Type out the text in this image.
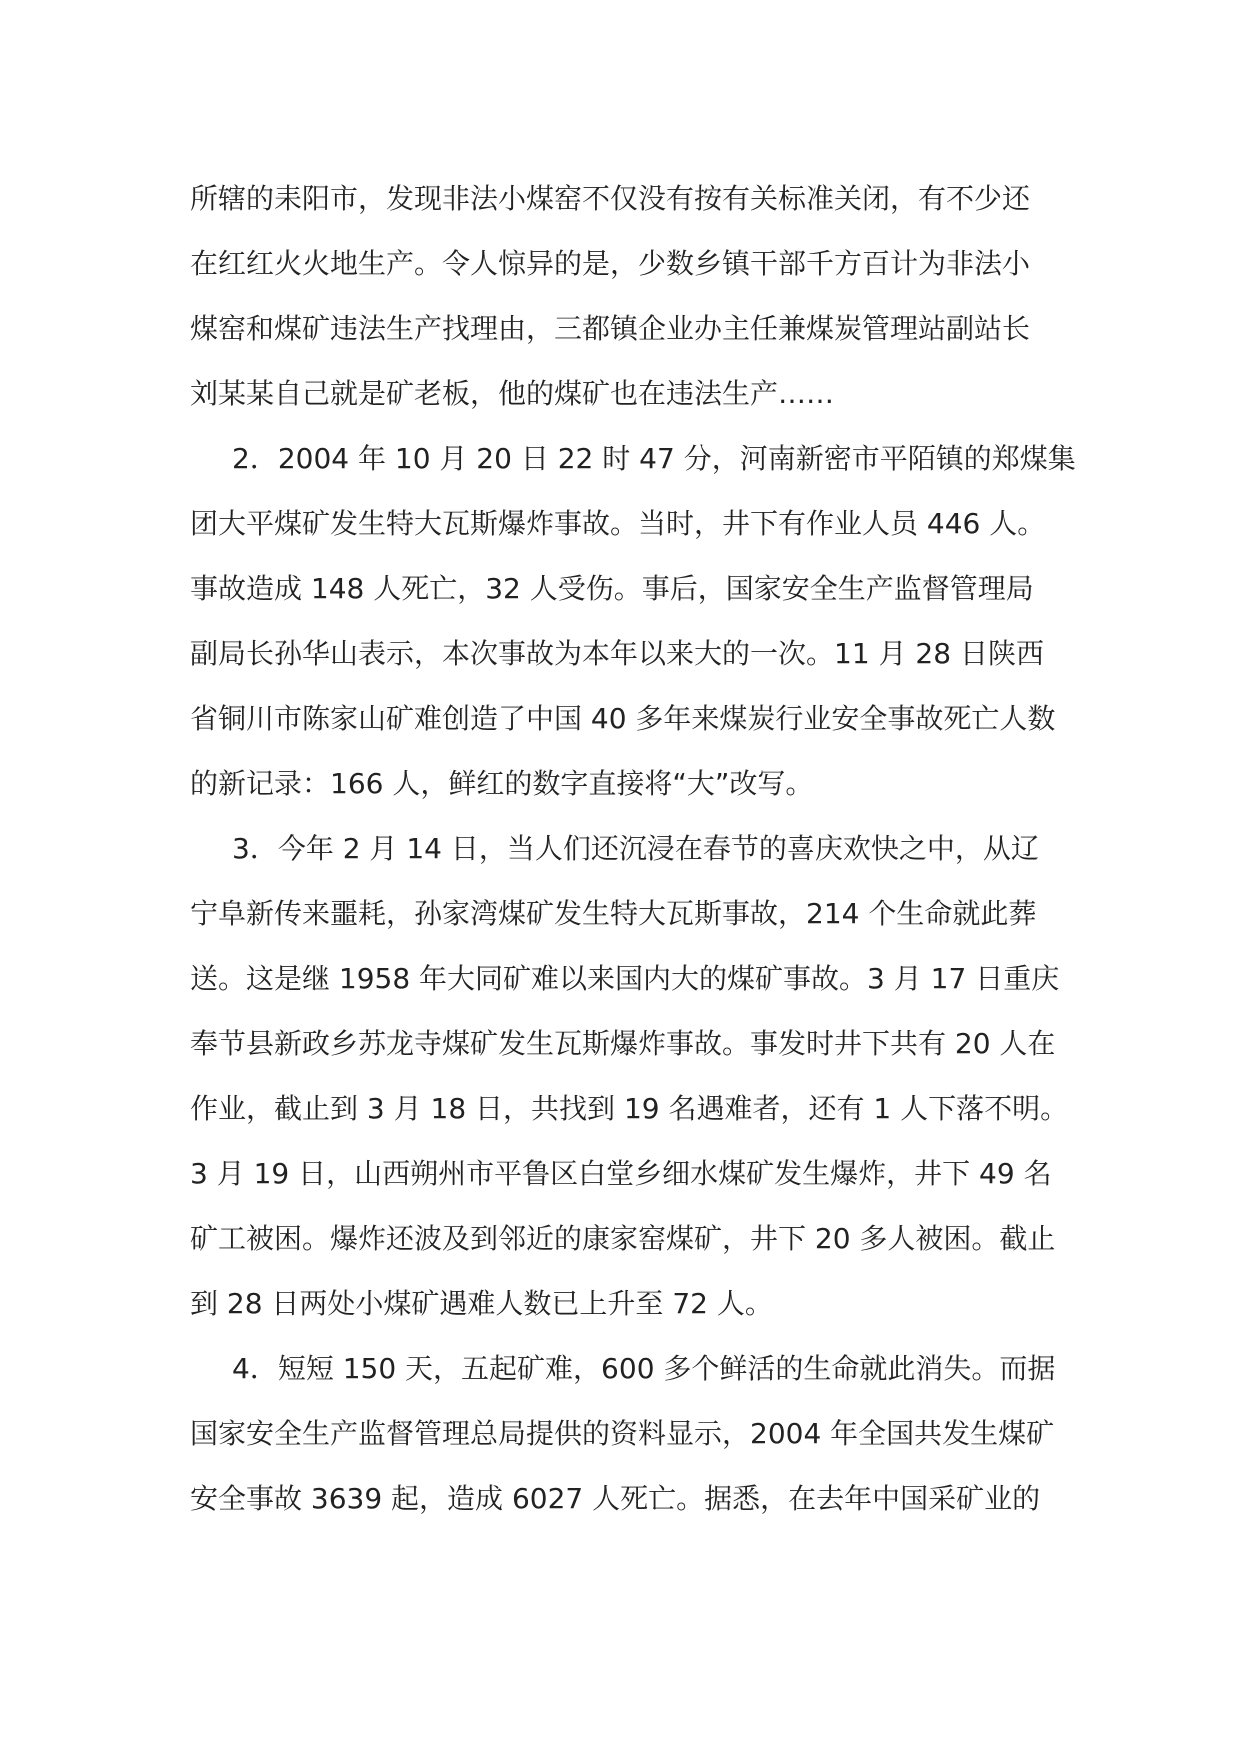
所辖的耒阳市，发现非法小煤窑不仅没有按有关标准关闭，有不少还
在红红火火地生产。令人惊异的是，少数乡镇干部千方百计为非法小
煤窑和煤矿违法生产找理由，三都镇企业办主任兼煤炭管理站副站长
刘某某自己就是矿老板，他的煤矿也在违法生产……
2．2004 年 10 月 20 日 22 时 47 分，河南新密市平陌镇的郑煤集
团大平煤矿发生特大瓦斯爆炸事故。当时，井下有作业人员 446 人。
事故造成 148 人死亡，32 人受伤。事后，国家安全生产监督管理局
副局长孙华山表示，本次事故为本年以来大的一次。11 月 28 日陕西
省铜川市陈家山矿难创造了中国 40 多年来煤炭行业安全事故死亡人数
的新记录：166 人，鲜红的数字直接将“大”改写。
3．今年 2 月 14 日，当人们还沉浸在春节的喜庆欢快之中，从辽
宁阜新传来噩耗，孙家湾煤矿发生特大瓦斯事故，214 个生命就此葬
送。这是继 1958 年大同矿难以来国内大的煤矿事故。3 月 17 日重庆
奉节县新政乡苏龙寺煤矿发生瓦斯爆炸事故。事发时井下共有 20 人在
作业，截止到 3 月 18 日，共找到 19 名遇难者，还有 1 人下落不明。
3 月 19 日，山西朔州市平鲁区白堂乡细水煤矿发生爆炸，井下 49 名
矿工被困。爆炸还波及到邻近的康家窑煤矿，井下 20 多人被困。截止
到 28 日两处小煤矿遇难人数已上升至 72 人。
4．短短 150 天，五起矿难，600 多个鲜活的生命就此消失。而据
国家安全生产监督管理总局提供的资料显示，2004 年全国共发生煤矿
安全事故 3639 起，造成 6027 人死亡。据悉，在去年中国采矿业的
